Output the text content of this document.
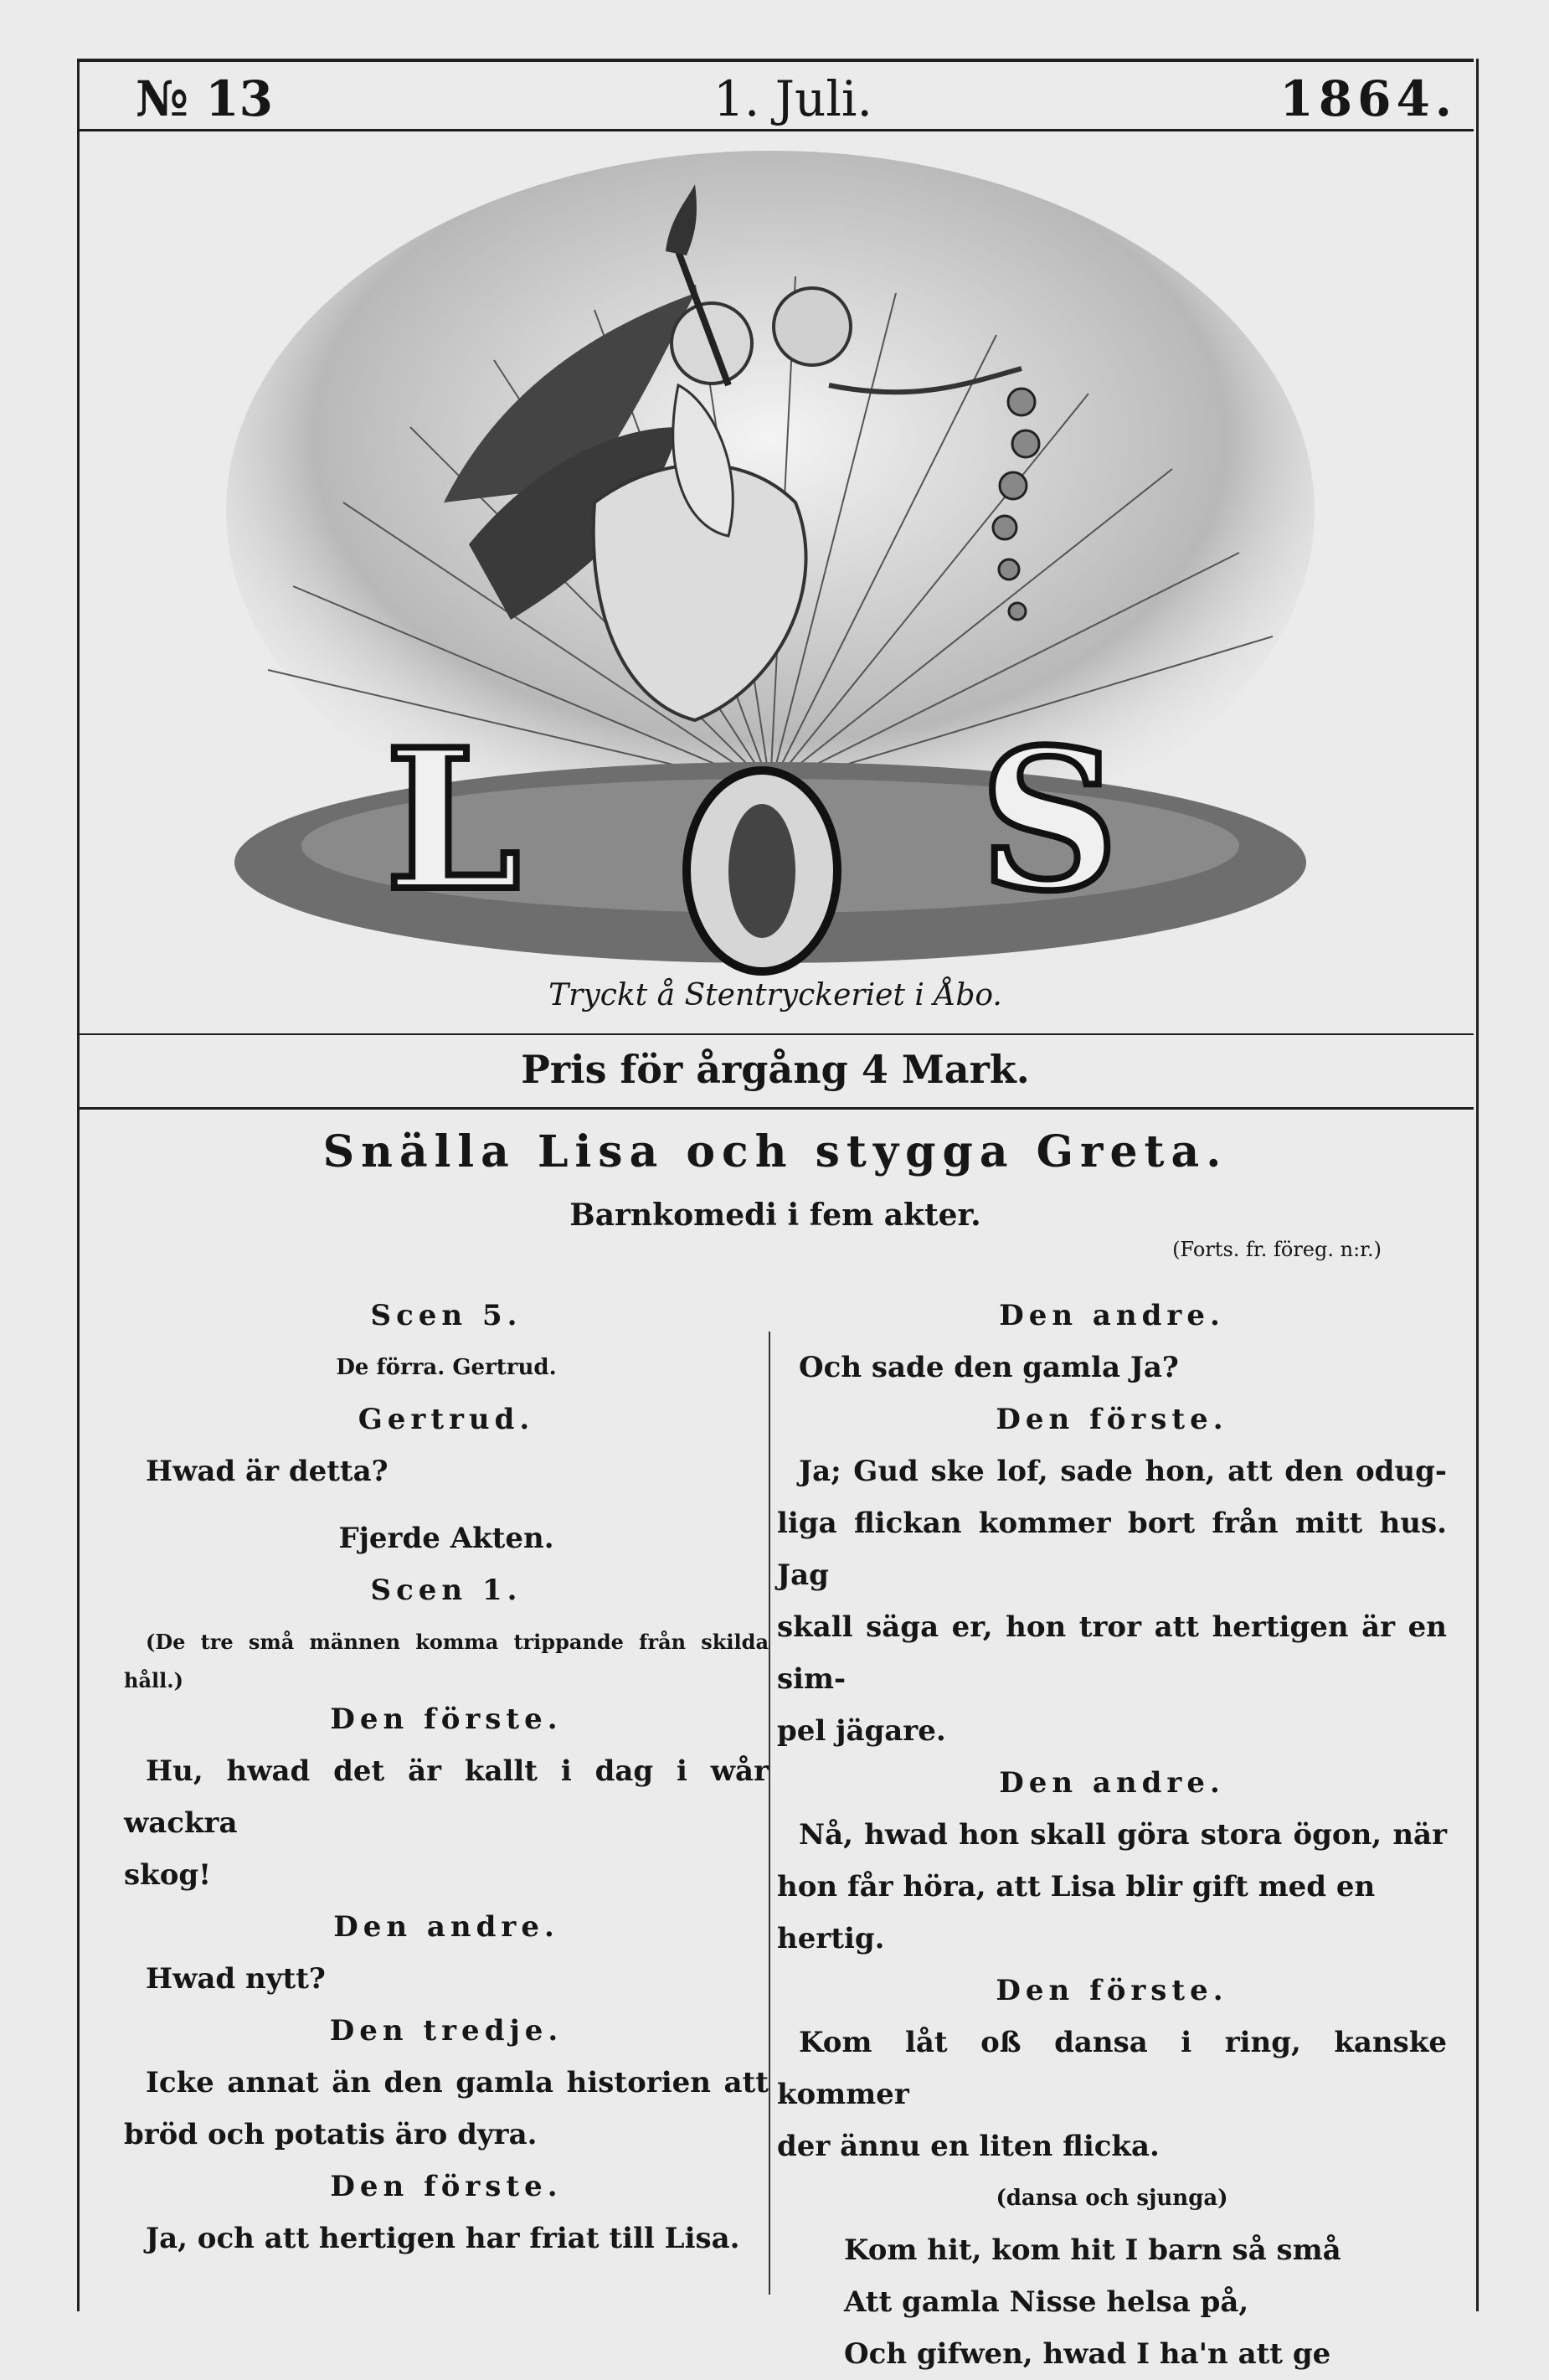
№ 13	1. Juli.	1864.
L S
Tryckt å Stentryckeriet i Åbo.
Pris för årgång 4 Mark.
Snälla Lisa och stygga Greta.
Barnkomedi i fem akter.
(Forts. fr. föreg. n:r.)
Scen 5.
De förra. Gertrud.
Gertrud.
Hwad är detta?
Fjerde Akten.
Scen 1.
(De tre små männen komma trippande från skilda
håll.)
Den förste.
Hu, hwad det är kallt i dag i wår wackra
skog!
Den andre.
Hwad nytt?
Den tredje.
Icke annat än den gamla historien att
bröd och potatis äro dyra.
Den förste.
Ja, och att hertigen har friat till Lisa.
Den andre.
Och sade den gamla Ja?
Den förste.
Ja; Gud ske lof, sade hon, att den odug-
liga flickan kommer bort från mitt hus. Jag
skall säga er, hon tror att hertigen är en sim-
pel jägare.
Den andre.
Nå, hwad hon skall göra stora ögon, när
hon får höra, att Lisa blir gift med en hertig.
Den förste.
Kom låt oß dansa i ring, kanske kommer
der ännu en liten flicka.
(dansa och sjunga)
Kom hit, kom hit I barn så små
Att gamla Nisse helsa på,
Och gifwen, hwad I ha'n att ge
